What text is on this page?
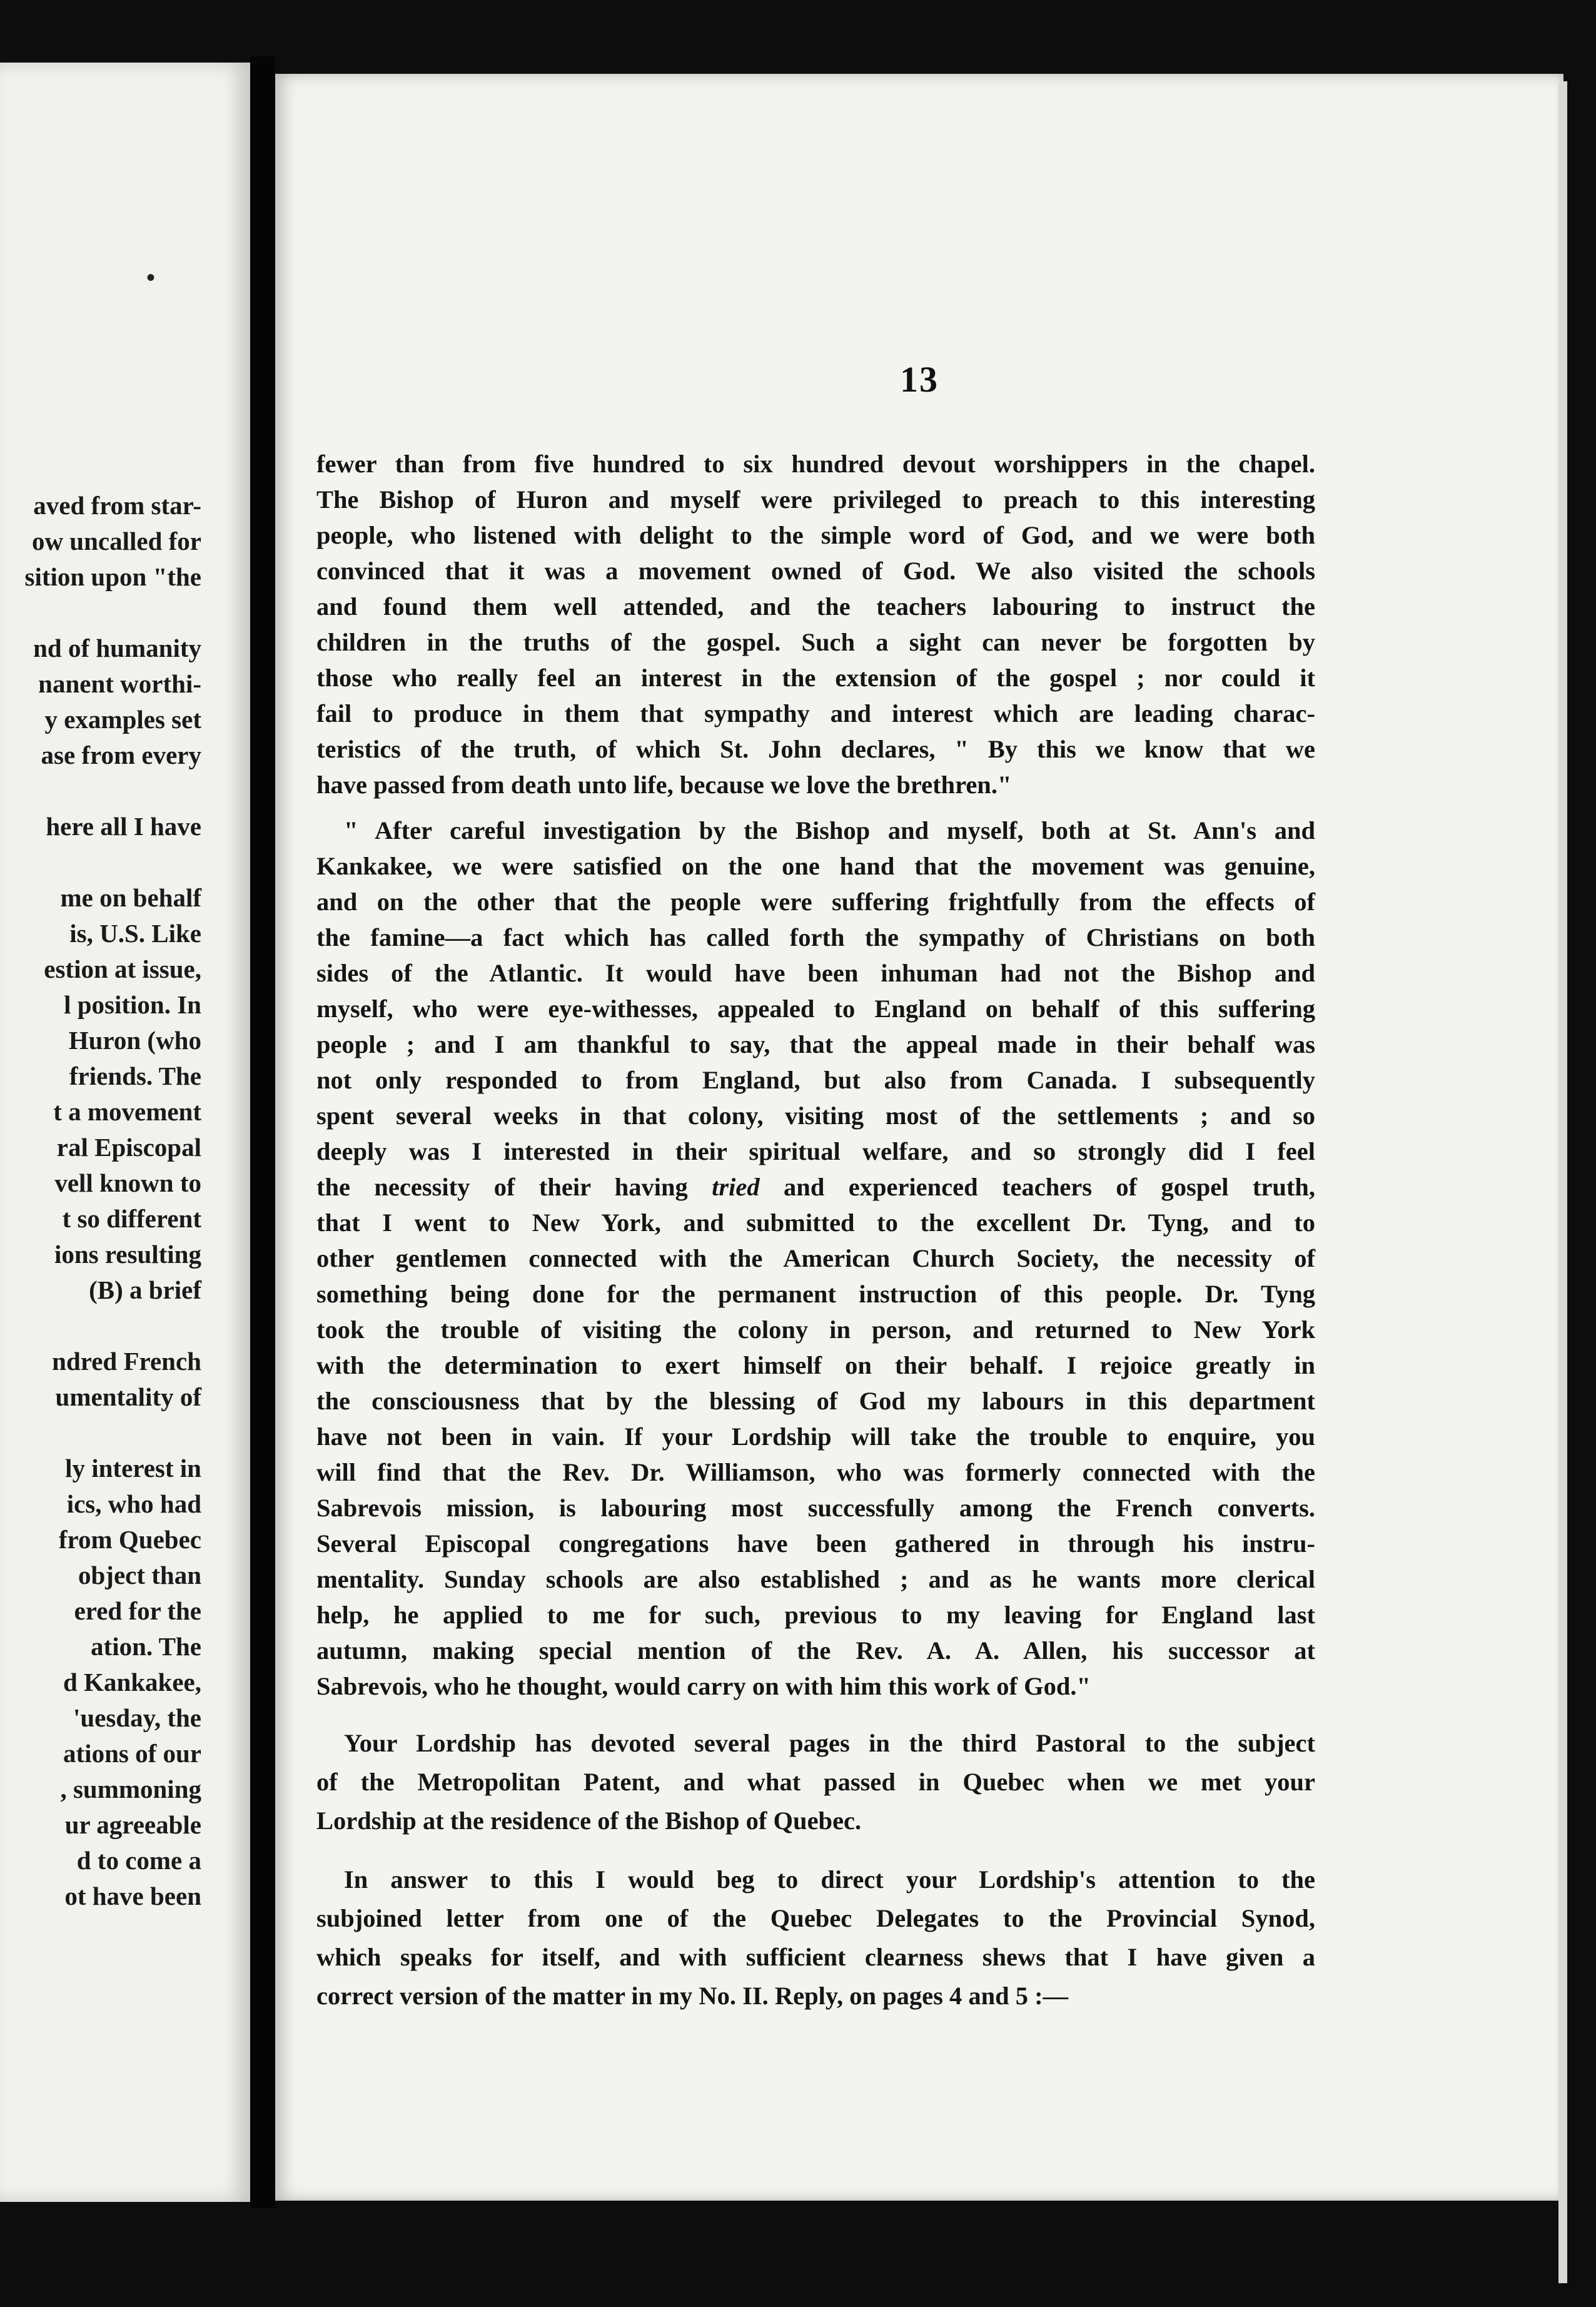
•
aved from star-
ow uncalled for
sition upon "the
nd of humanity
nanent worthi-
y examples set
ase from every
here all I have
me on behalf
is, U.S. Like
estion at issue,
l position. In
Huron (who
friends. The
t a movement
ral Episcopal
vell known to
t so different
ions resulting
(B) a brief
ndred French
umentality of
ly interest in
ics, who had
from Quebec
object than
ered for the
ation. The
d Kankakee,
'uesday, the
ations of our
, summoning
ur agreeable
d to come a
ot have been
13
fewer than from five hundred to six hundred devout worshippers in the chapel.
The Bishop of Huron and myself were privileged to preach to this interesting
people, who listened with delight to the simple word of God, and we were both
convinced that it was a movement owned of God. We also visited the schools
and found them well attended, and the teachers labouring to instruct the
children in the truths of the gospel. Such a sight can never be forgotten by
those who really feel an interest in the extension of the gospel ; nor could it
fail to produce in them that sympathy and interest which are leading charac-
teristics of the truth, of which St. John declares, " By this we know that we
have passed from death unto life, because we love the brethren."
" After careful investigation by the Bishop and myself, both at St. Ann's and
Kankakee, we were satisfied on the one hand that the movement was genuine,
and on the other that the people were suffering frightfully from the effects of
the famine—a fact which has called forth the sympathy of Christians on both
sides of the Atlantic. It would have been inhuman had not the Bishop and
myself, who were eye-withesses, appealed to England on behalf of this suffering
people ; and I am thankful to say, that the appeal made in their behalf was
not only responded to from England, but also from Canada. I subsequently
spent several weeks in that colony, visiting most of the settlements ; and so
deeply was I interested in their spiritual welfare, and so strongly did I feel
the necessity of their having tried and experienced teachers of gospel truth,
that I went to New York, and submitted to the excellent Dr. Tyng, and to
other gentlemen connected with the American Church Society, the necessity of
something being done for the permanent instruction of this people. Dr. Tyng
took the trouble of visiting the colony in person, and returned to New York
with the determination to exert himself on their behalf. I rejoice greatly in
the consciousness that by the blessing of God my labours in this department
have not been in vain. If your Lordship will take the trouble to enquire, you
will find that the Rev. Dr. Williamson, who was formerly connected with the
Sabrevois mission, is labouring most successfully among the French converts.
Several Episcopal congregations have been gathered in through his instru-
mentality. Sunday schools are also established ; and as he wants more clerical
help, he applied to me for such, previous to my leaving for England last
autumn, making special mention of the Rev. A. A. Allen, his successor at
Sabrevois, who he thought, would carry on with him this work of God."
Your Lordship has devoted several pages in the third Pastoral to the subject
of the Metropolitan Patent, and what passed in Quebec when we met your
Lordship at the residence of the Bishop of Quebec.
In answer to this I would beg to direct your Lordship's attention to the
subjoined letter from one of the Quebec Delegates to the Provincial Synod,
which speaks for itself, and with sufficient clearness shews that I have given a
correct version of the matter in my No. II. Reply, on pages 4 and 5 :—
